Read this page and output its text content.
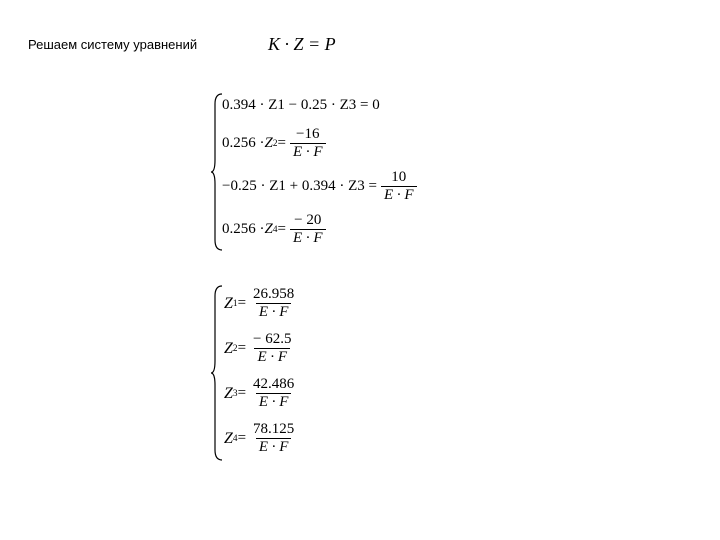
Решаем систему уравнений	K · Z = P
0.394 · Z1 − 0.25 · Z3 = 0
0.256 · Z $2 = \frac{-16}{E \cdot F}$
$-0.25 \cdot Z1 + 0.394 \cdot Z3 = \frac{10}{E \cdot F}$
0.256 · Z $4 = \frac{- 20}{E \cdot F}$
Z $1 = \frac{26.958}{E \cdot F}$
Z $2 = \frac{- 62.5}{E \cdot F}$
Z $3 = \frac{42.486}{E \cdot F}$
Z $4 = \frac{78.125}{E \cdot F}$
